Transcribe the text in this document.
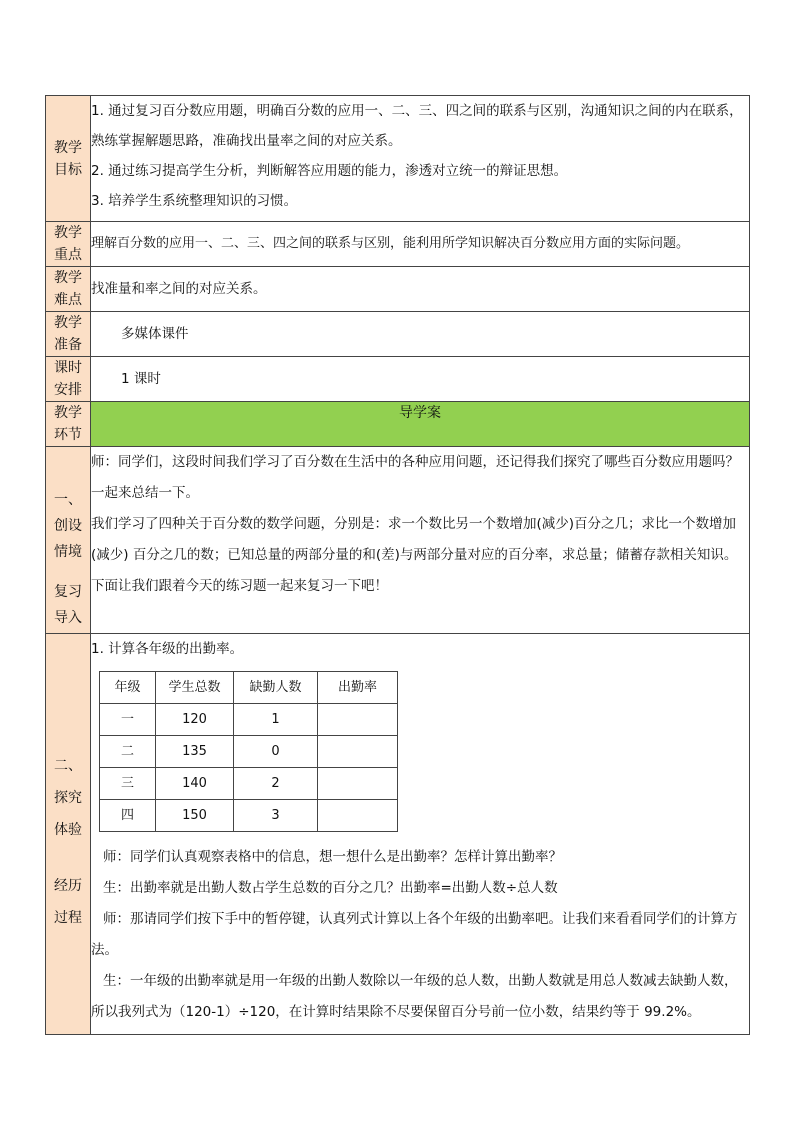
教学目标

1. 通过复习百分数应用题，明确百分数的应用一、二、三、四之间的联系与区别，沟通知识之间的内在联系，熟练掌握解题思路，准确找出量率之间的对应关系。

2. 通过练习提高学生分析，判断解答应用题的能力，渗透对立统一的辩证思想。

3. 培养学生系统整理知识的习惯。

教学重点

理解百分数的应用一、二、三、四之间的联系与区别，能利用所学知识解决百分数应用方面的实际问题。

教学难点

找准量和率之间的对应关系。

教学准备

多媒体课件

课时安排

1 课时

教学环节
	导学案

一、
创设
情境
复习
导入

师：同学们，这段时间我们学习了百分数在生活中的各种应用问题，还记得我们探究了哪些百分数应用题吗？一起来总结一下。

我们学习了四种关于百分数的数学问题，分别是：求一个数比另一个数增加(减少)百分之几；求比一个数增加(减少) 百分之几的数；已知总量的两部分量的和(差)与两部分量对应的百分率，求总量；储蓄存款相关知识。

下面让我们跟着今天的练习题一起来复习一下吧！

二、
探究
体验
经历
过程

1. 计算各年级的出勤率。

年级	学生总数	缺勤人数	出勤率
一	120	1	
二	135	0	
三	140	2	
四	150	3	

师：同学们认真观察表格中的信息，想一想什么是出勤率？怎样计算出勤率？

生：出勤率就是出勤人数占学生总数的百分之几？出勤率=出勤人数÷总人数

师：那请同学们按下手中的暂停键，认真列式计算以上各个年级的出勤率吧。让我们来看看同学们的计算方法。

生：一年级的出勤率就是用一年级的出勤人数除以一年级的总人数，出勤人数就是用总人数减去缺勤人数，所以我列式为（120-1）÷120，在计算时结果除不尽要保留百分号前一位小数，结果约等于 99.2%。
